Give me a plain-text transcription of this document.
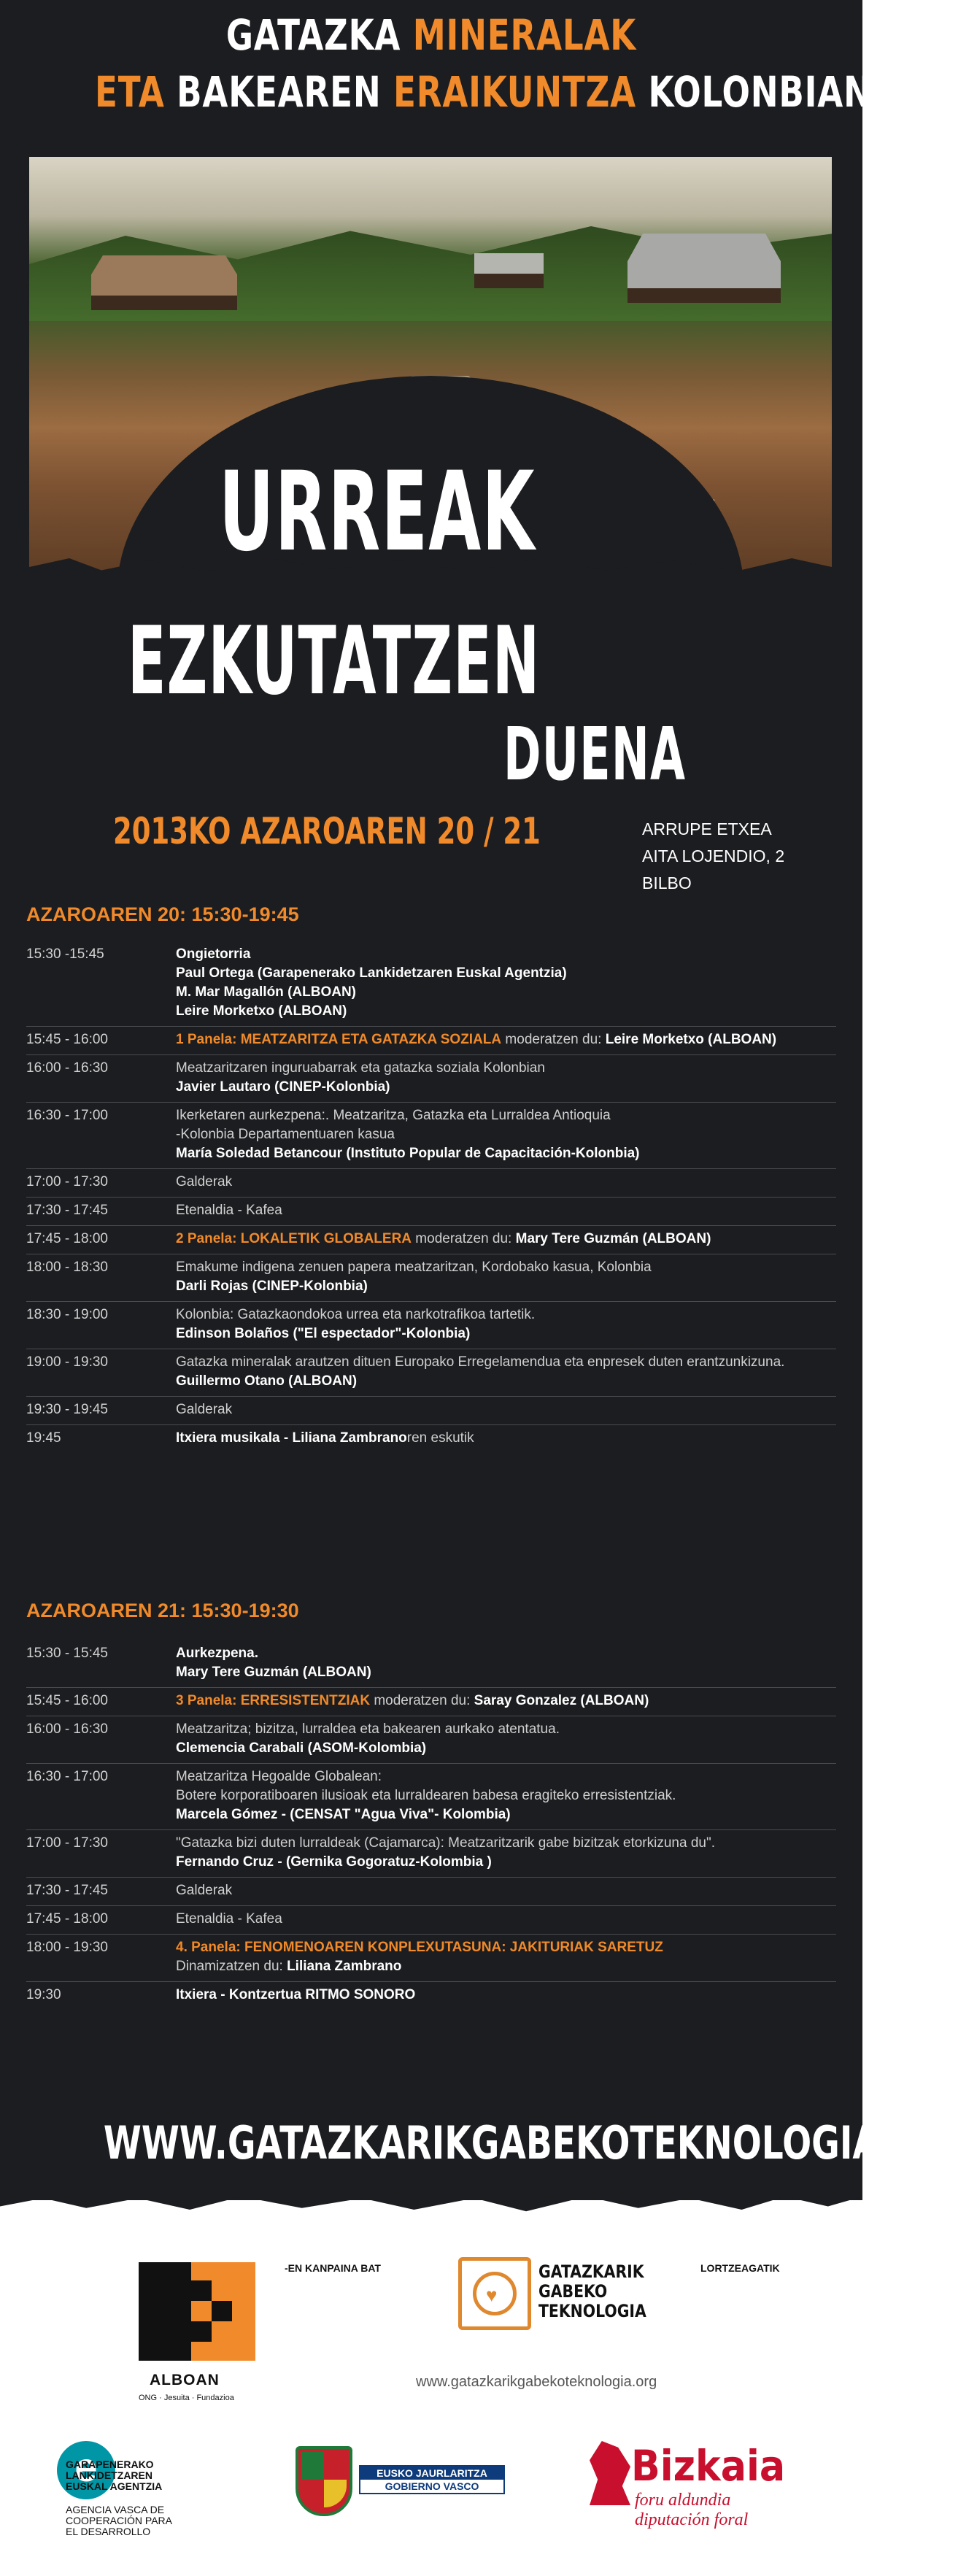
GATAZKA MINERALAK
ETA BAKEAREN ERAIKUNTZA KOLONBIAN
URREAK
EZKUTATZEN
DUENA
2013KO AZAROAREN 20 / 21	ARRUPE ETXEA
AITA LOJENDIO, 2
BILBO
AZAROAREN 20: 15:30-19:45
15:30 -15:45	Ongietorria
Paul Ortega (Garapenerako Lankidetzaren Euskal Agentzia)
M. Mar Magallón (ALBOAN)
Leire Morketxo (ALBOAN)
15:45 - 16:00	1 Panela: MEATZARITZA ETA GATAZKA SOZIALA moderatzen du: Leire Morketxo (ALBOAN)
16:00 - 16:30	Meatzaritzaren inguruabarrak eta gatazka soziala Kolonbian
Javier Lautaro (CINEP-Kolonbia)
16:30 - 17:00	Ikerketaren aurkezpena:. Meatzaritza, Gatazka eta Lurraldea Antioquia
-Kolonbia Departamentuaren kasua
María Soledad Betancour (Instituto Popular de Capacitación-Kolonbia)
17:00 - 17:30	Galderak
17:30 - 17:45	Etenaldia - Kafea
17:45 - 18:00	2 Panela: LOKALETIK GLOBALERA moderatzen du: Mary Tere Guzmán (ALBOAN)
18:00 - 18:30	Emakume indigena zenuen papera meatzaritzan, Kordobako kasua, Kolonbia
Darli Rojas (CINEP-Kolonbia)
18:30 - 19:00	Kolonbia: Gatazkaondokoa urrea eta narkotrafikoa tartetik.
Edinson Bolaños ("El espectador"-Kolonbia)
19:00 - 19:30	Gatazka mineralak arautzen dituen Europako Erregelamendua eta enpresek duten erantzunkizuna.
Guillermo Otano (ALBOAN)
19:30 - 19:45	Galderak
19:45	Itxiera musikala - Liliana Zambranoren eskutik
AZAROAREN 21: 15:30-19:30
15:30 - 15:45	Aurkezpena.
Mary Tere Guzmán (ALBOAN)
15:45 - 16:00	3 Panela: ERRESISTENTZIAK moderatzen du: Saray Gonzalez (ALBOAN)
16:00 - 16:30	Meatzaritza; bizitza, lurraldea eta bakearen aurkako atentatua.
Clemencia Carabali (ASOM-Kolombia)
16:30 - 17:00	Meatzaritza Hegoalde Globalean:
Botere korporatiboaren ilusioak eta lurraldearen babesa eragiteko erresistentziak.
Marcela Gómez - (CENSAT "Agua Viva"- Kolombia)
17:00 - 17:30	"Gatazka bizi duten lurraldeak (Cajamarca): Meatzaritzarik gabe bizitzak etorkizuna du".
Fernando Cruz - (Gernika Gogoratuz-Kolombia )
17:30 - 17:45	Galderak
17:45 - 18:00	Etenaldia - Kafea
18:00 - 19:30	4. Panela: FENOMENOAREN KONPLEXUTASUNA: JAKITURIAK SARETUZ
Dinamizatzen du: Liliana Zambrano
19:30	Itxiera - Kontzertua RITMO SONORO
WWW.GATAZKARIKGABEKOTEKNOLOGIA.ORG
ALBOAN
ONG · Jesuita · Fundazioa
-EN KANPAINA BAT
♥
GATAZKARIK
GABEKO
TEKNOLOGIA
LORTZEAGATIK
www.gatazkarikgabekoteknologia.org
e
GARAPENERAKO
LANKIDETZAREN
EUSKAL AGENTZIA
AGENCIA VASCA DE
COOPERACIÓN PARA
EL DESARROLLO
EUSKO JAURLARITZA
GOBIERNO VASCO	Bizkaia
foru aldundia
diputación foral
